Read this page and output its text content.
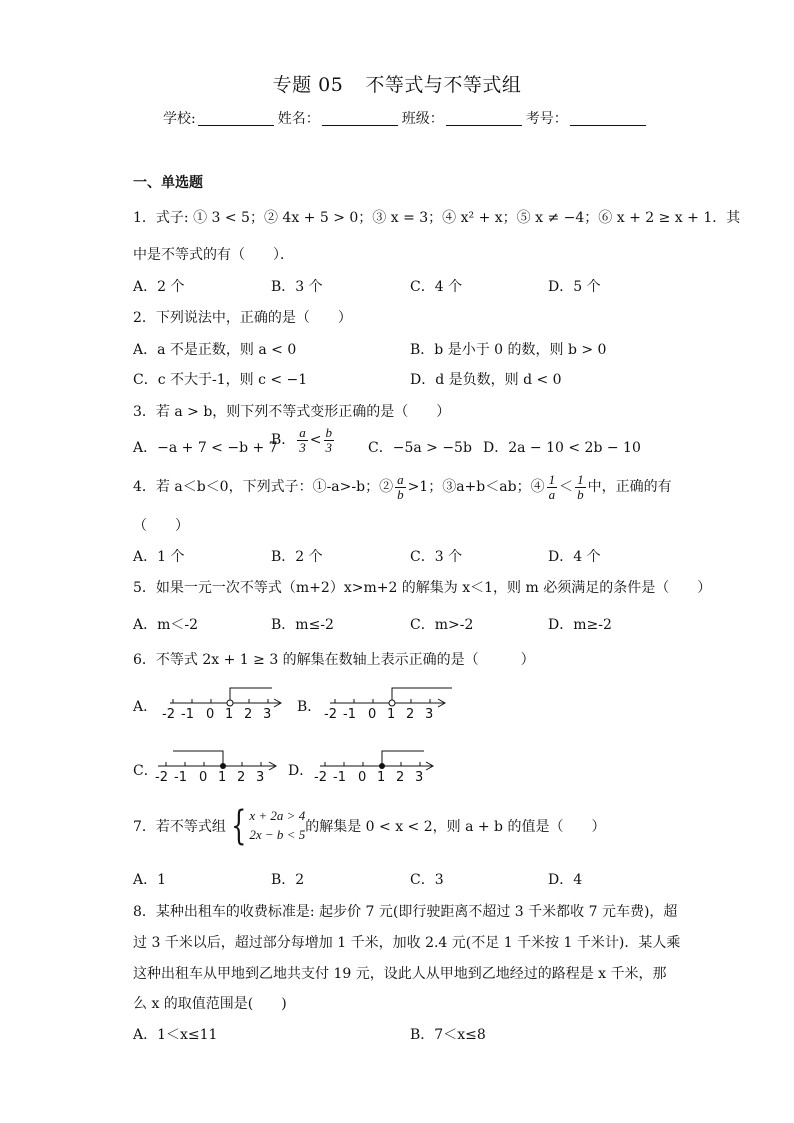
专题 05 不等式与不等式组
学校:	姓名：	班级：	考号：
一、单选题
1．式子: ① 3 < 5；② 4x + 5 > 0；③ x = 3；④ x² + x；⑤ x ≠ −4；⑥ x + 2 ≥ x + 1．其
中是不等式的有（　　）．
A．2 个	B．3 个	C．4 个	D．5 个
2．下列说法中，正确的是（　　）
A．a 不是正数，则 a < 0	B．b 是小于 0 的数，则 b > 0
C．c 不大于-1，则 c < −1	D．d 是负数，则 d < 0
3．若 a > b，则下列不等式变形正确的是（　　）
A．−a + 7 < −b + 7
B． $\frac{a}{3} < \frac{b}{3}$ C．−5a > −5b D．2a − 10 < 2b − 10
4．若 a＜b＜0，下列式子：①-a>-b；② $\frac{a}{b} >1$；③a+b＜ab；④ $\frac{1}{a} < \frac{1}{b}$ 中，正确的有
（　　）
A．1 个	B．2 个	C．3 个	D．4 个
5．如果一元一次不等式（m+2）x>m+2 的解集为 x＜1，则 m 必须满足的条件是（　　）
A．m＜-2	B．m≤-2	C．m>-2	D．m≥-2
6．不等式 2x + 1 ≥ 3 的解集在数轴上表示正确的是（　　　）
A． -2 -1 0 1 2 3 B． -2 -1 0 1 2 3
C．
-2 -1 0 1 2 3 D． -2 -1 0 1 2 3
7．若不等式组 { x + 2a > 4
2x − b < 5 的解集是 0 < x < 2，则 a + b 的值是（　　）
A．1	B．2	C．3	D．4
8．某种出租车的收费标准是: 起步价 7 元(即行驶距离不超过 3 千米都收 7 元车费)，超
过 3 千米以后，超过部分每增加 1 千米，加收 2.4 元(不足 1 千米按 1 千米计)．某人乘
这种出租车从甲地到乙地共支付 19 元，设此人从甲地到乙地经过的路程是 x 千米，那
么 x 的取值范围是(　　)
A．1＜x≤11	B．7＜x≤8
